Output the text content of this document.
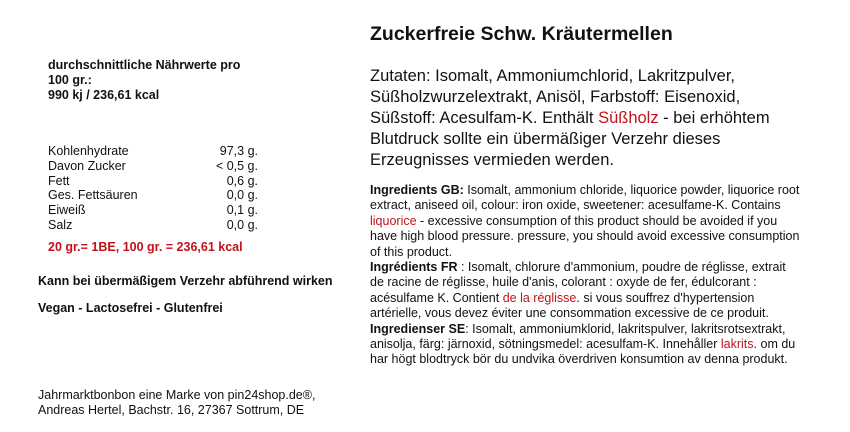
durchschnittliche Nährwerte pro
100 gr.:
990 kj / 236,61 kcal
Kohlenhydrate	97,3 g.
Davon Zucker	< 0,5 g.
Fett	0,6 g.
Ges. Fettsäuren	0,0 g.
Eiweiß	0,1 g.
Salz	0,0 g.
20 gr.= 1BE, 100 gr. = 236,61 kcal
Kann bei übermäßigem Verzehr abführend wirken
Vegan - Lactosefrei - Glutenfrei
Jahrmarktbonbon eine Marke von pin24shop.de®,
Andreas Hertel, Bachstr. 16, 27367 Sottrum, DE
Zuckerfreie Schw. Kräutermellen
Zutaten: Isomalt, Ammoniumchlorid, Lakritzpulver, Süßholzwurzelextrakt, Anisöl, Farbstoff: Eisenoxid, Süßstoff: Acesulfam-K. Enthält Süßholz - bei erhöhtem Blutdruck sollte ein übermäßiger Verzehr dieses Erzeugnisses vermieden werden.
Ingredients GB: Isomalt, ammonium chloride, liquorice powder, liquorice root extract, aniseed oil, colour: iron oxide, sweetener: acesulfame-K. Contains liquorice - excessive consumption of this product should be avoided if you have high blood pressure. pressure, you should avoid excessive consumption of this product.
Ingrédients FR : Isomalt, chlorure d'ammonium, poudre de réglisse, extrait de racine de réglisse, huile d'anis, colorant : oxyde de fer, édulcorant : acésulfame K. Contient de la réglisse. si vous souffrez d'hypertension artérielle, vous devez éviter une consommation excessive de ce produit.
Ingredienser SE: Isomalt, ammoniumklorid, lakritspulver, lakritsrotsextrakt, anisolja, färg: järnoxid, sötningsmedel: acesulfam-K. Innehåller lakrits. om du har högt blodtryck bör du undvika överdriven konsumtion av denna produkt.
